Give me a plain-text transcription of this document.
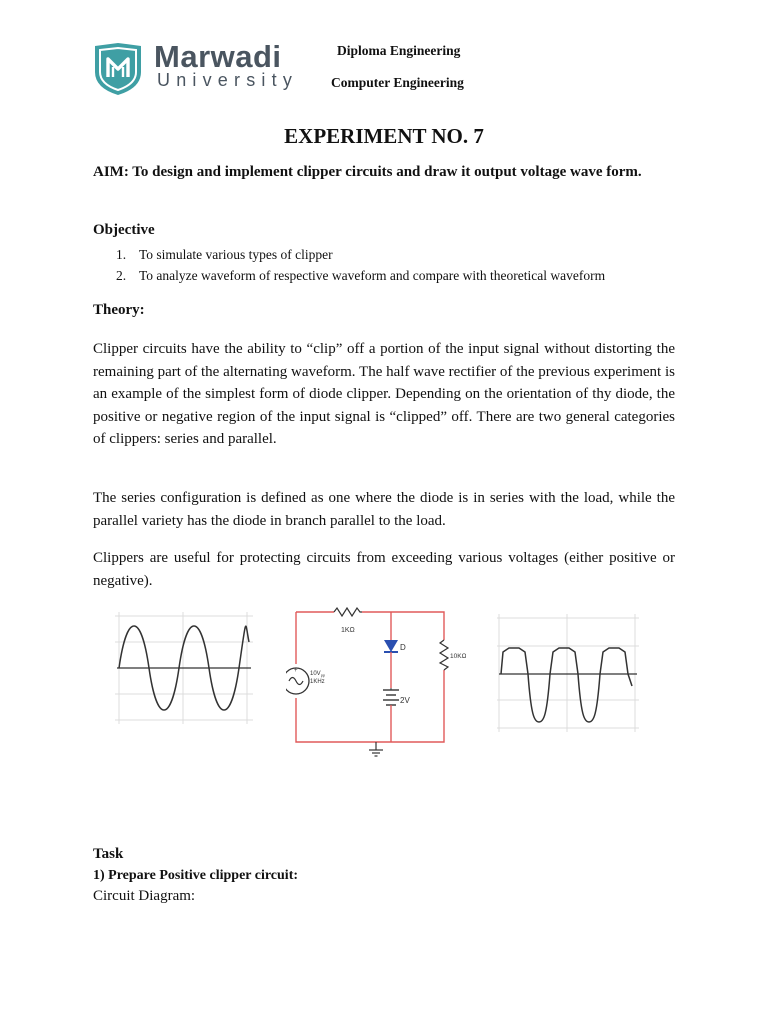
Marwadi
University
Diploma Engineering
Computer Engineering
EXPERIMENT NO. 7
AIM: To design and implement clipper circuits and draw it output voltage wave form.
Objective
1. To simulate various types of clipper
2. To analyze waveform of respective waveform and compare with theoretical waveform
Theory:

Clipper circuits have the ability to “clip” off a portion of the input signal without distorting the remaining part of the alternating waveform. The half wave rectifier of the previous experiment is an example of the simplest form of diode clipper. Depending on the orientation of thy diode, the positive or negative region of the input signal is “clipped” off. There are two general categories of clippers: series and parallel.

The series configuration is defined as one where the diode is in series with the load, while the parallel variety has the diode in branch parallel to the load.

Clippers are useful for protecting circuits from exceeding various voltages (either positive or negative).

1KΩ
D
10KΩ
2V
+
−
$10V_{pp}$
1KHz
Task
1) Prepare Positive clipper circuit:
Circuit Diagram:
